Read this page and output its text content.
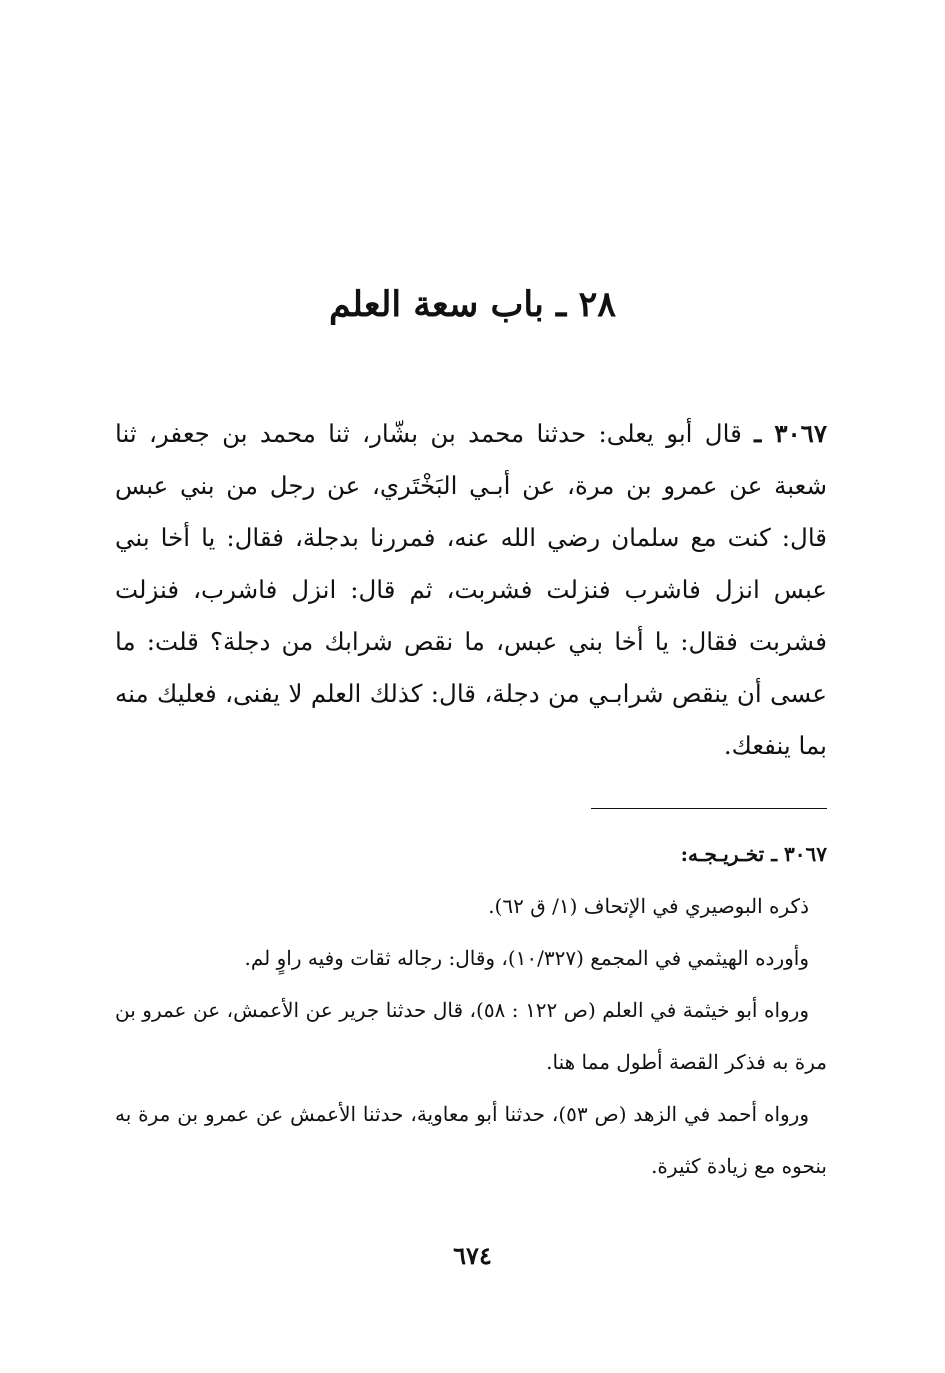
٢٨ ـ باب سعة العلم

٣٠٦٧ ـ قال أبو يعلى: حدثنا محمد بن بشّار، ثنا محمد بن جعفر، ثنا شعبة عن عمرو بن مرة، عن أبـي البَخْتَري، عن رجل من بني عبس قال: كنت مع سلمان رضي الله عنه، فمررنا بدجلة، فقال: يا أخا بني عبس انزل فاشرب فنزلت فشربت، ثم قال: انزل فاشرب، فنزلت فشربت فقال: يا أخا بني عبس، ما نقص شرابك من دجلة؟ قلت: ما عسى أن ينقص شرابـي من دجلة، قال: كذلك العلم لا يفنى، فعليك منه بما ينفعك.

٣٠٦٧ ـ تخـريـجـه:

ذكره البوصيري في الإتحاف (١/ ق ٦٢).

وأورده الهيثمي في المجمع (١٠/٣٢٧)، وقال: رجاله ثقات وفيه راوٍ لم.

ورواه أبو خيثمة في العلم (ص ١٢٢ : ٥٨)، قال حدثنا جرير عن الأعمش، عن عمرو بن مرة به فذكر القصة أطول مما هنا.

ورواه أحمد في الزهد (ص ٥٣)، حدثنا أبو معاوية، حدثنا الأعمش عن عمرو بن مرة به بنحوه مع زيادة كثيرة.

٦٧٤
